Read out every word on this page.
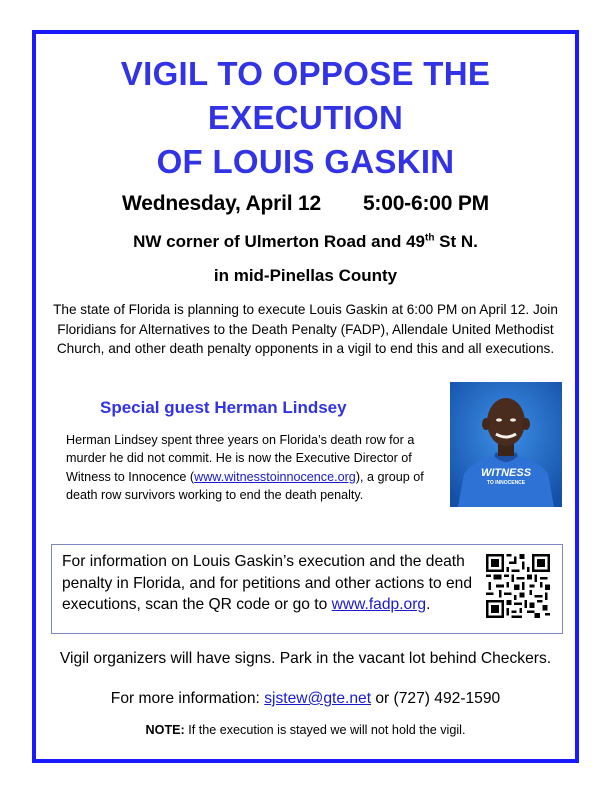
VIGIL TO OPPOSE THE
EXECUTION
OF LOUIS GASKIN
Wednesday, April 12 5:00-6:00 PM
NW corner of Ulmerton Road and 49th St N.
in mid-Pinellas County
The state of Florida is planning to execute Louis Gaskin at 6:00 PM on April 12. Join Floridians for Alternatives to the Death Penalty (FADP), Allendale United Methodist Church, and other death penalty opponents in a vigil to end this and all executions.
Special guest Herman Lindsey
Herman Lindsey spent three years on Florida’s death row for a murder he did not commit. He is now the Executive Director of Witness to Innocence (www.witnesstoinnocence.org), a group of death row survivors working to end the death penalty.
WITNESS
TO INNOCENCE
For information on Louis Gaskin’s execution and the death penalty in Florida, and for petitions and other actions to end executions, scan the QR code or go to www.fadp.org.
Vigil organizers will have signs. Park in the vacant lot behind Checkers.
For more information: sjstew@gte.net or (727) 492-1590
NOTE: If the execution is stayed we will not hold the vigil.
